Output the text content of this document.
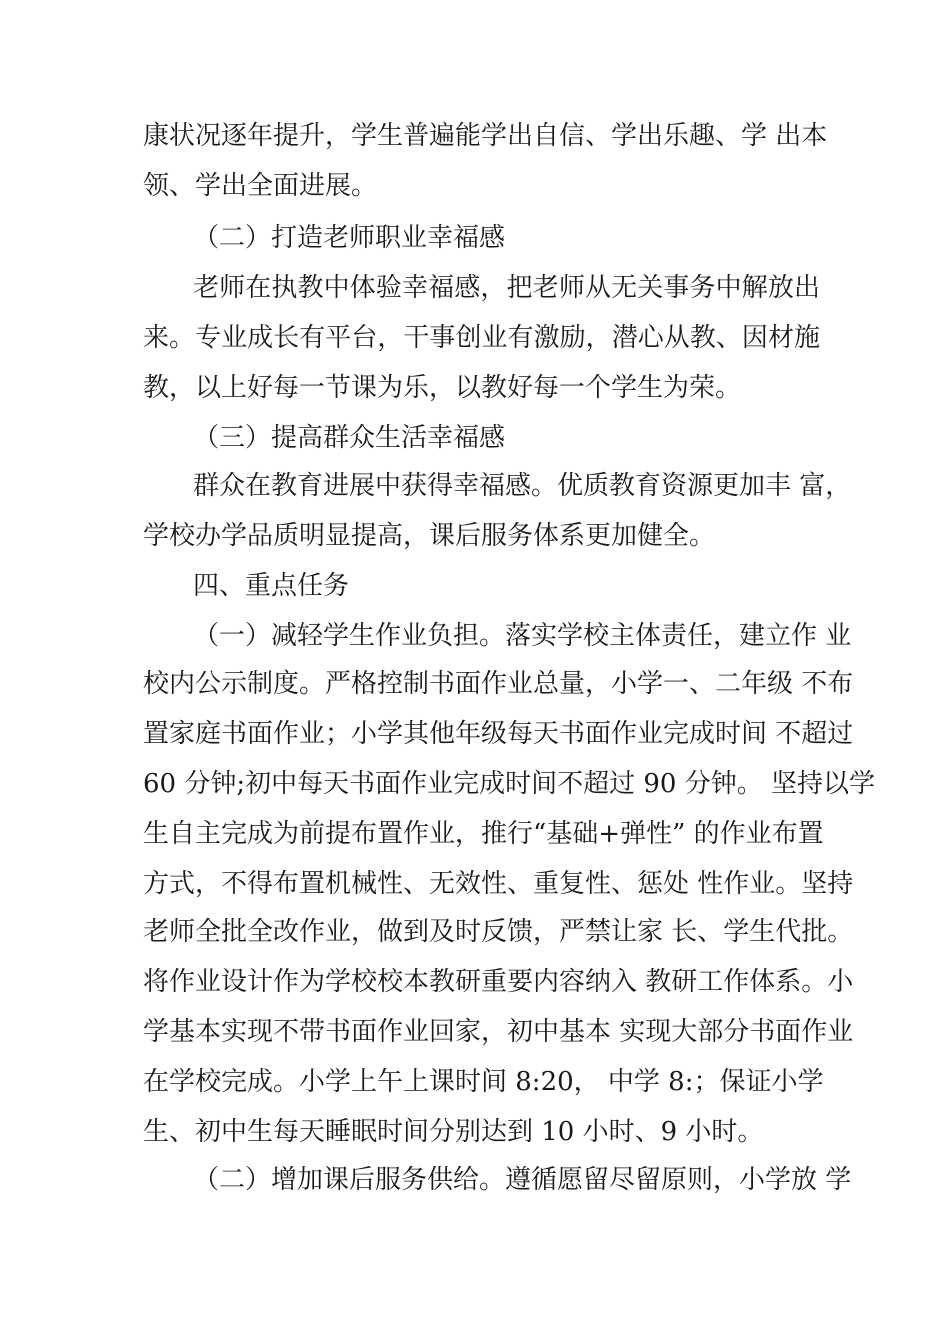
康状况逐年提升，学生普遍能学出自信、学出乐趣、学 出本
领、学出全面进展。
（二）打造老师职业幸福感
老师在执教中体验幸福感，把老师从无关事务中解放出
来。专业成长有平台，干事创业有激励，潜心从教、因材施
教，以上好每一节课为乐，以教好每一个学生为荣。
（三）提高群众生活幸福感
群众在教育进展中获得幸福感。优质教育资源更加丰 富，
学校办学品质明显提高，课后服务体系更加健全。
四、重点任务
（一）减轻学生作业负担。落实学校主体责任，建立作 业
校内公示制度。严格控制书面作业总量，小学一、二年级 不布
置家庭书面作业；小学其他年级每天书面作业完成时间 不超过
60 分钟;初中每天书面作业完成时间不超过 90 分钟。 坚持以学
生自主完成为前提布置作业，推行“基础+弹性” 的作业布置
方式，不得布置机械性、无效性、重复性、惩处 性作业。坚持
老师全批全改作业，做到及时反馈，严禁让家 长、学生代批。
将作业设计作为学校校本教研重要内容纳入 教研工作体系。小
学基本实现不带书面作业回家，初中基本 实现大部分书面作业
在学校完成。小学上午上课时间 8:20， 中学 8:；保证小学
生、初中生每天睡眠时间分别达到 10 小时、9 小时。
（二）增加课后服务供给。遵循愿留尽留原则，小学放 学
